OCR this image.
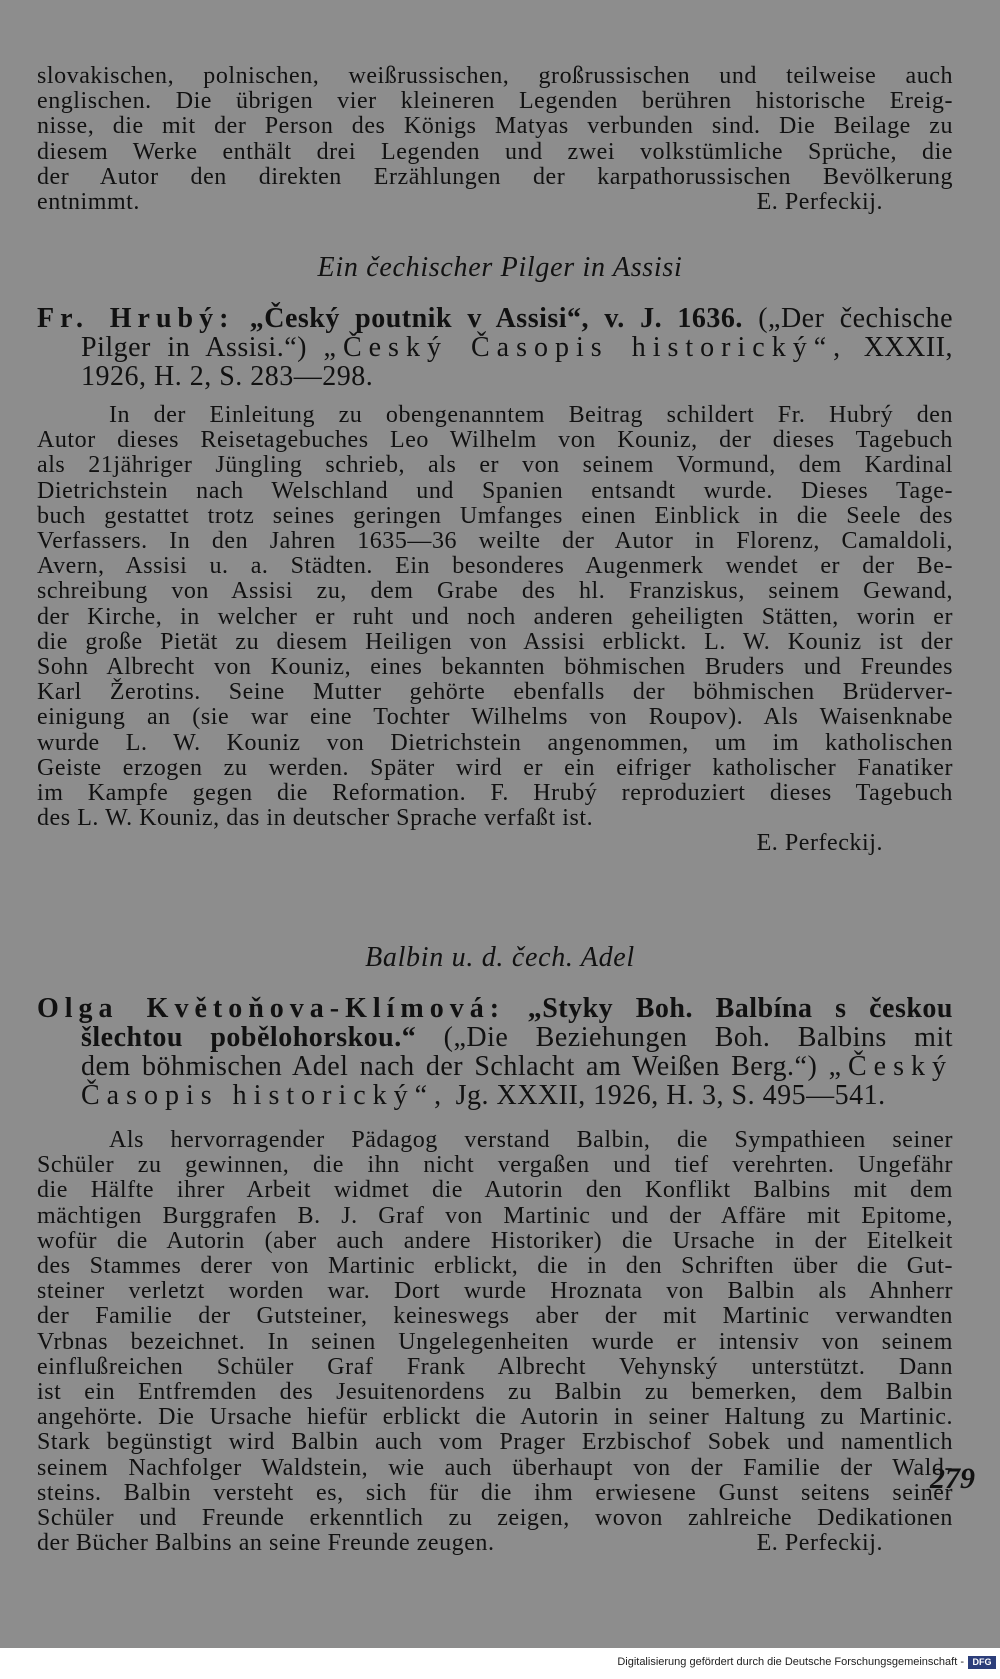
slovakischen, polnischen, weißrussischen, großrussischen und teilweise auch
englischen. Die übrigen vier kleineren Legenden berühren historische Ereig-
nisse, die mit der Person des Königs Matyas verbunden sind. Die Beilage zu
diesem Werke enthält drei Legenden und zwei volkstümliche Sprüche, die
der Autor den direkten Erzählungen der karpathorussischen Bevölkerung
entnimmt.	E. Perfeckij.

Ein čechischer Pilger in Assisi
Fr. Hrubý: „Český poutnik v Assisi“, v. J. 1636. („Der čechische
Pilger in Assisi.“) „Český Časopis historický“, XXXII,
1926, H. 2, S. 283—298.

In der Einleitung zu obengenanntem Beitrag schildert Fr. Hubrý den
Autor dieses Reisetagebuches Leo Wilhelm von Kouniz, der dieses Tagebuch
als 21jähriger Jüngling schrieb, als er von seinem Vormund, dem Kardinal
Dietrichstein nach Welschland und Spanien entsandt wurde. Dieses Tage-
buch gestattet trotz seines geringen Umfanges einen Einblick in die Seele des
Verfassers. In den Jahren 1635—36 weilte der Autor in Florenz, Camaldoli,
Avern, Assisi u. a. Städten. Ein besonderes Augenmerk wendet er der Be-
schreibung von Assisi zu, dem Grabe des hl. Franziskus, seinem Gewand,
der Kirche, in welcher er ruht und noch anderen geheiligten Stätten, worin er
die große Pietät zu diesem Heiligen von Assisi erblickt. L. W. Kouniz ist der
Sohn Albrecht von Kouniz, eines bekannten böhmischen Bruders und Freundes
Karl Žerotins. Seine Mutter gehörte ebenfalls der böhmischen Brüderver-
einigung an (sie war eine Tochter Wilhelms von Roupov). Als Waisenknabe
wurde L. W. Kouniz von Dietrichstein angenommen, um im katholischen
Geiste erzogen zu werden. Später wird er ein eifriger katholischer Fanatiker
im Kampfe gegen die Reformation. F. Hrubý reproduziert dieses Tagebuch
des L. W. Kouniz, das in deutscher Sprache verfaßt ist.
E. Perfeckij.

Balbin u. d. čech. Adel
Olga Květoňova-Klímová: „Styky Boh. Balbína s českou
šlechtou pobělohorskou.“ („Die Beziehungen Boh. Balbins mit
dem böhmischen Adel nach der Schlacht am Weißen Berg.“) „Český
Časopis historický“, Jg. XXXII, 1926, H. 3, S. 495—541.

Als hervorragender Pädagog verstand Balbin, die Sympathieen seiner
Schüler zu gewinnen, die ihn nicht vergaßen und tief verehrten. Ungefähr
die Hälfte ihrer Arbeit widmet die Autorin den Konflikt Balbins mit dem
mächtigen Burggrafen B. J. Graf von Martinic und der Affäre mit Epitome,
wofür die Autorin (aber auch andere Historiker) die Ursache in der Eitelkeit
des Stammes derer von Martinic erblickt, die in den Schriften über die Gut-
steiner verletzt worden war. Dort wurde Hroznata von Balbin als Ahnherr
der Familie der Gutsteiner, keineswegs aber der mit Martinic verwandten
Vrbnas bezeichnet. In seinen Ungelegenheiten wurde er intensiv von seinem
einflußreichen Schüler Graf Frank Albrecht Vehynský unterstützt. Dann
ist ein Entfremden des Jesuitenordens zu Balbin zu bemerken, dem Balbin
angehörte. Die Ursache hiefür erblickt die Autorin in seiner Haltung zu Martinic.
Stark begünstigt wird Balbin auch vom Prager Erzbischof Sobek und namentlich
seinem Nachfolger Waldstein, wie auch überhaupt von der Familie der Wald-
steins. Balbin versteht es, sich für die ihm erwiesene Gunst seitens seiner
Schüler und Freunde erkenntlich zu zeigen, wovon zahlreiche Dedikationen
der Bücher Balbins an seine Freunde zeugen.	E. Perfeckij.

279
Digitalisierung gefördert durch die Deutsche Forschungsgemeinschaft - DFG
